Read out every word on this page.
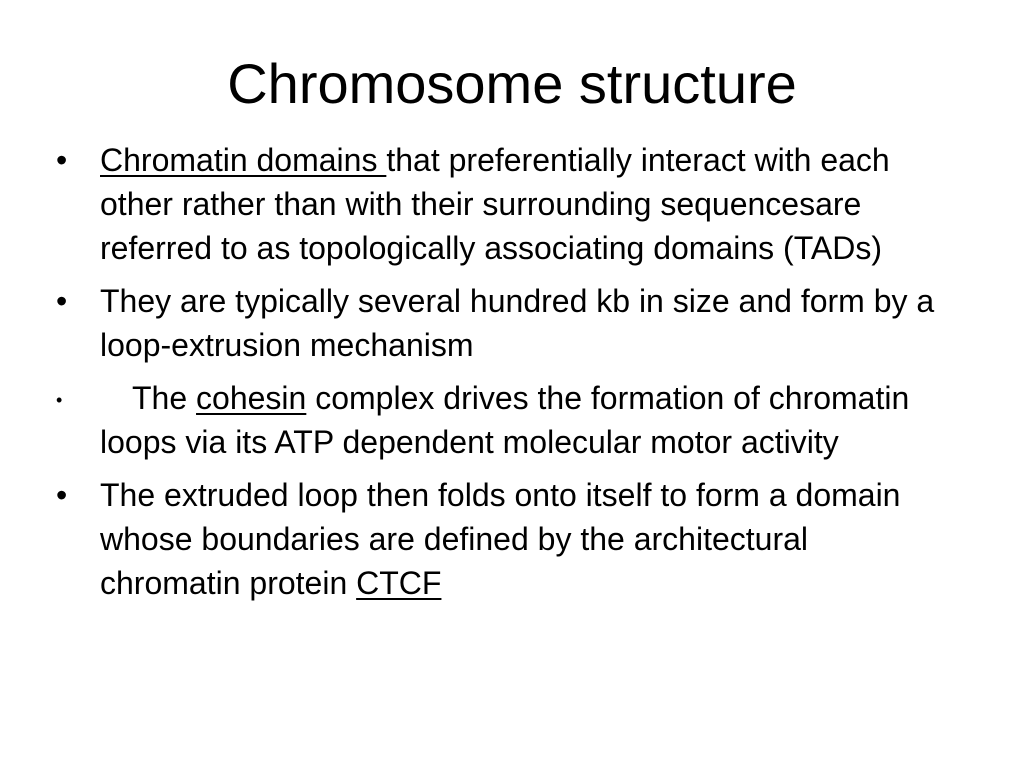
Chromosome structure
•	Chromatin domains that preferentially interact with each other rather than with their surrounding sequencesare referred to as topologically associating domains (TADs)
•	They are typically several hundred kb in size and form by a loop-extrusion mechanism
•	The cohesin complex drives the formation of chromatin loops via its ATP dependent molecular motor activity
•	The extruded loop then folds onto itself to form a domain whose boundaries are defined by the architectural chromatin protein CTCF
